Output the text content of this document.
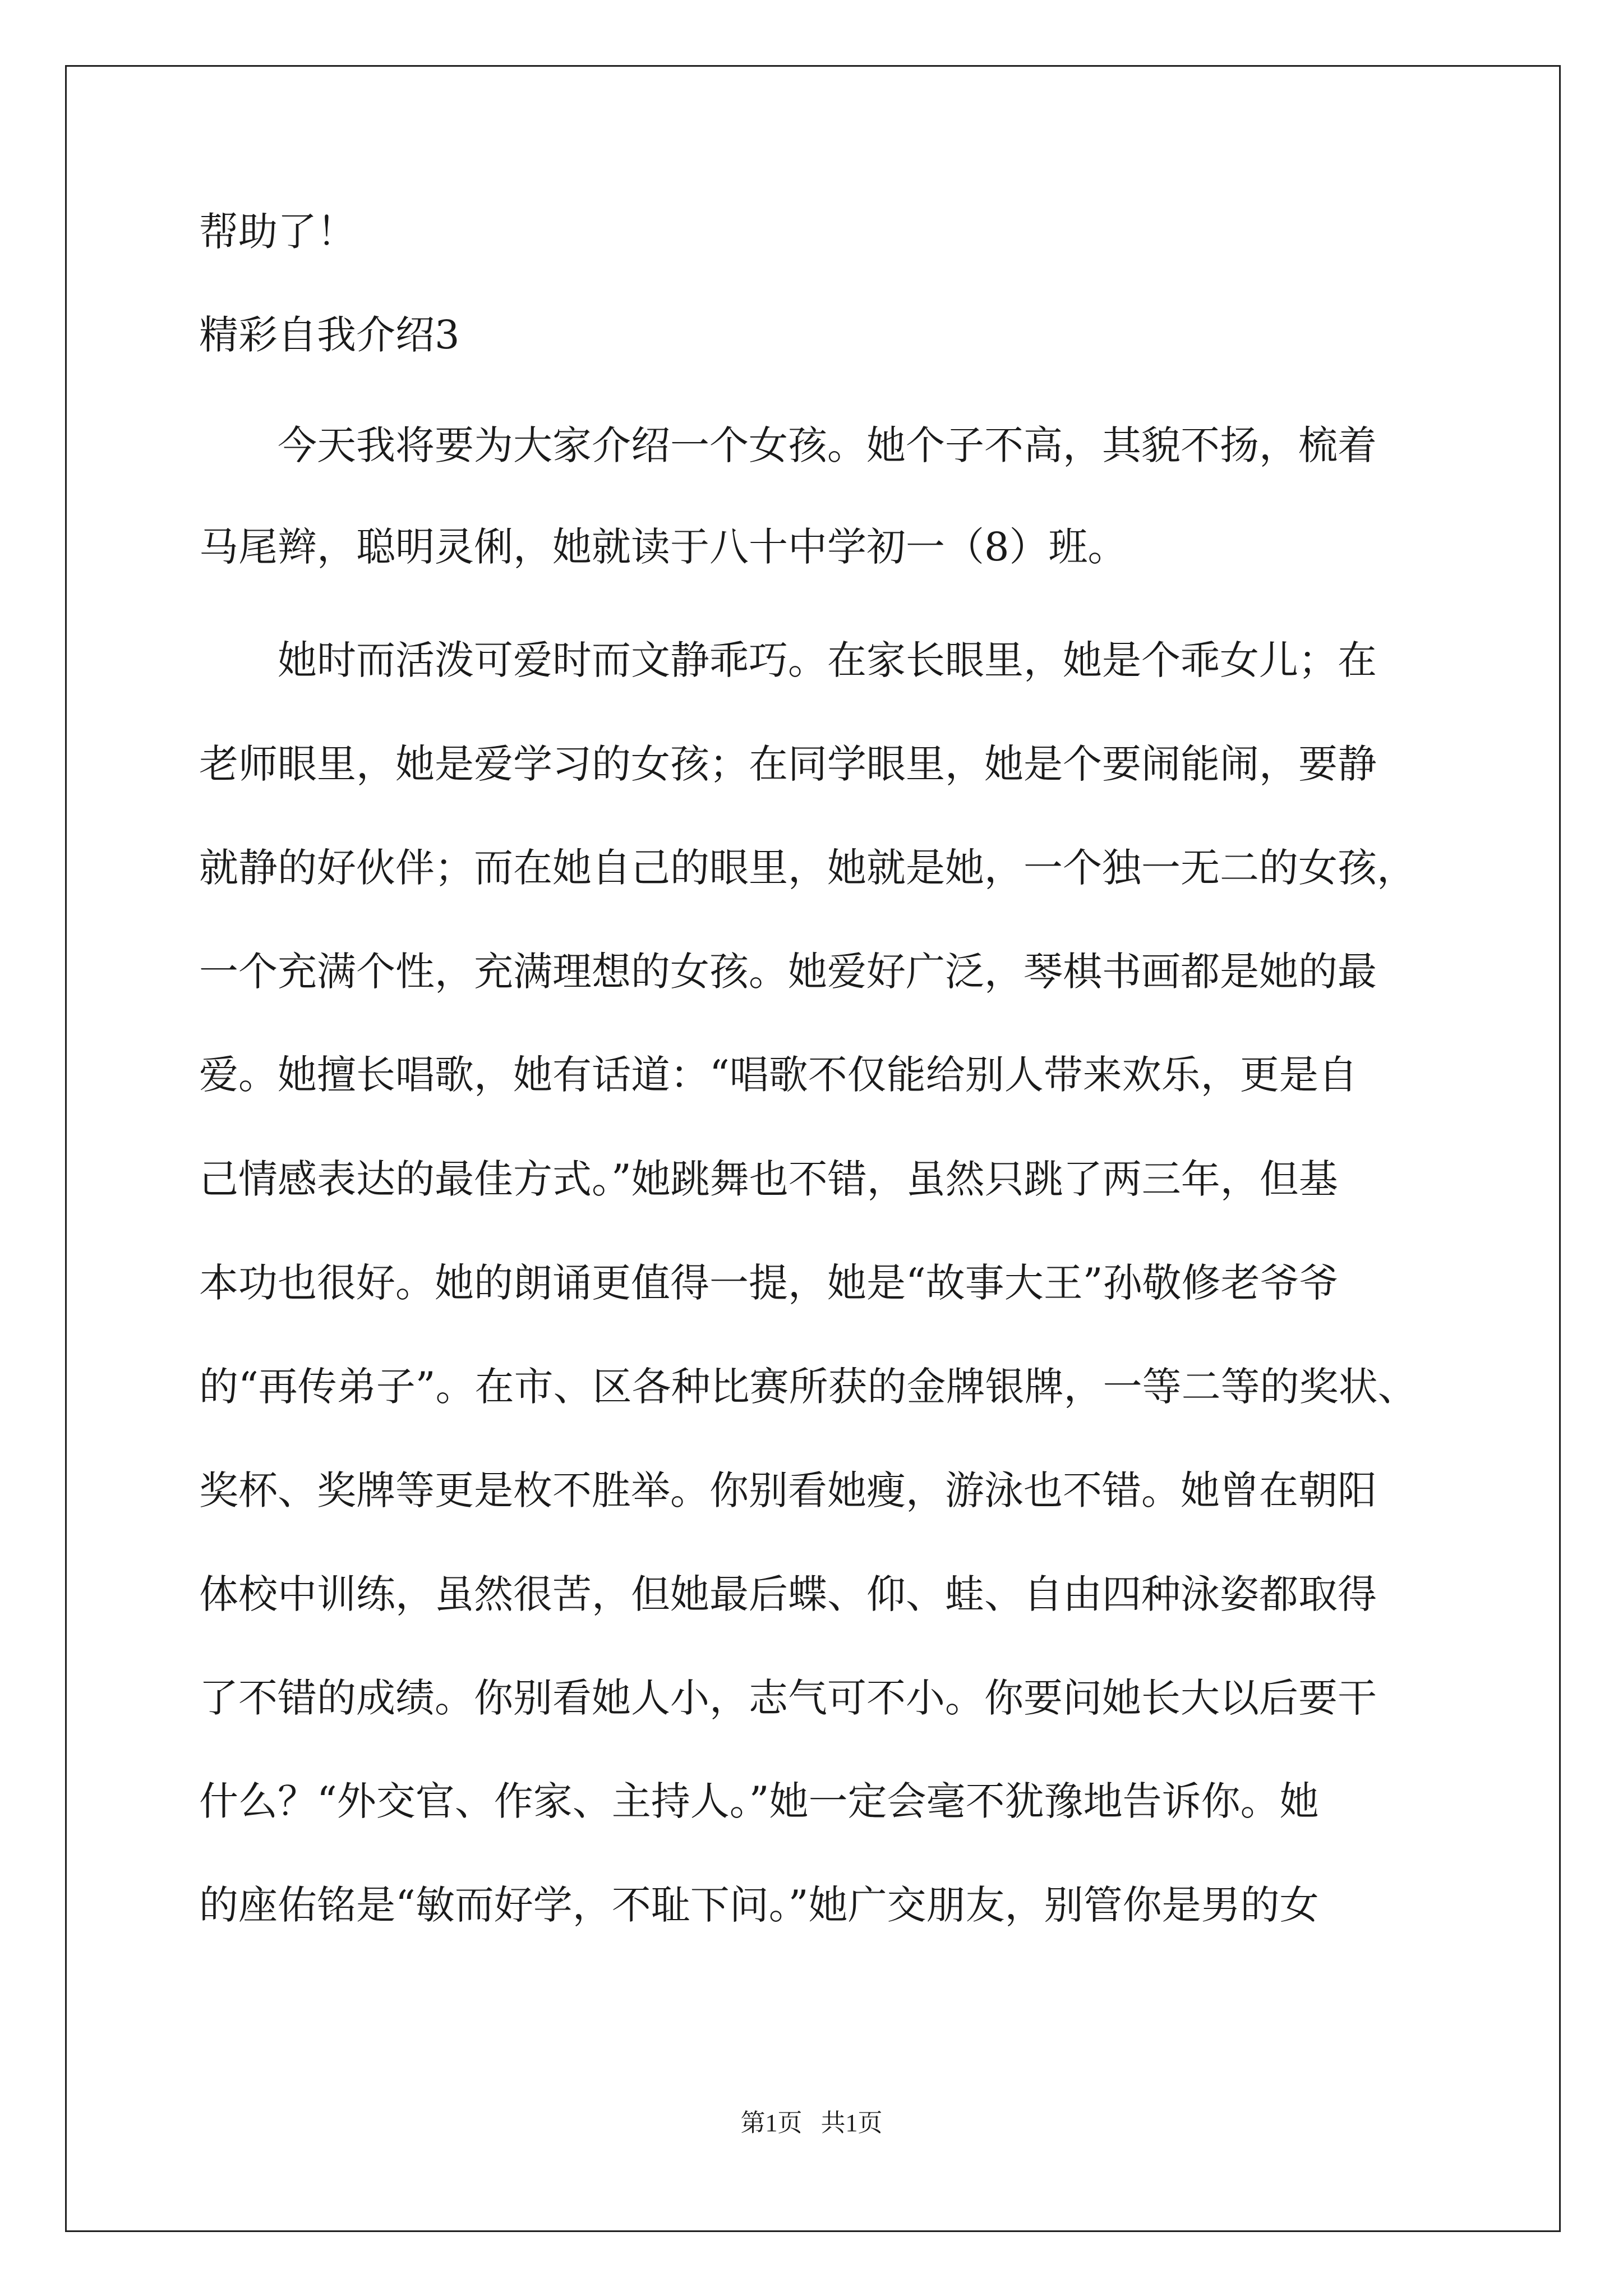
帮助了！
精彩自我介绍3
今天我将要为大家介绍一个女孩。她个子不高，其貌不扬，梳着
马尾辫，聪明灵俐，她就读于八十中学初一（8）班。
她时而活泼可爱时而文静乖巧。在家长眼里，她是个乖女儿；在
老师眼里，她是爱学习的女孩；在同学眼里，她是个要闹能闹，要静
就静的好伙伴；而在她自己的眼里，她就是她，一个独一无二的女孩，
一个充满个性，充满理想的女孩。她爱好广泛，琴棋书画都是她的最
爱。她擅长唱歌，她有话道：“唱歌不仅能给别人带来欢乐，更是自
己情感表达的最佳方式。”她跳舞也不错，虽然只跳了两三年，但基
本功也很好。她的朗诵更值得一提，她是“故事大王”孙敬修老爷爷
的“再传弟子”。在市、区各种比赛所获的金牌银牌，一等二等的奖状、
奖杯、奖牌等更是枚不胜举。你别看她瘦，游泳也不错。她曾在朝阳
体校中训练，虽然很苦，但她最后蝶、仰、蛙、自由四种泳姿都取得
了不错的成绩。你别看她人小，志气可不小。你要问她长大以后要干
什么？“外交官、作家、主持人。”她一定会毫不犹豫地告诉你。她
的座佑铭是“敏而好学，不耻下问。”她广交朋友，别管你是男的女
第1页   共1页
